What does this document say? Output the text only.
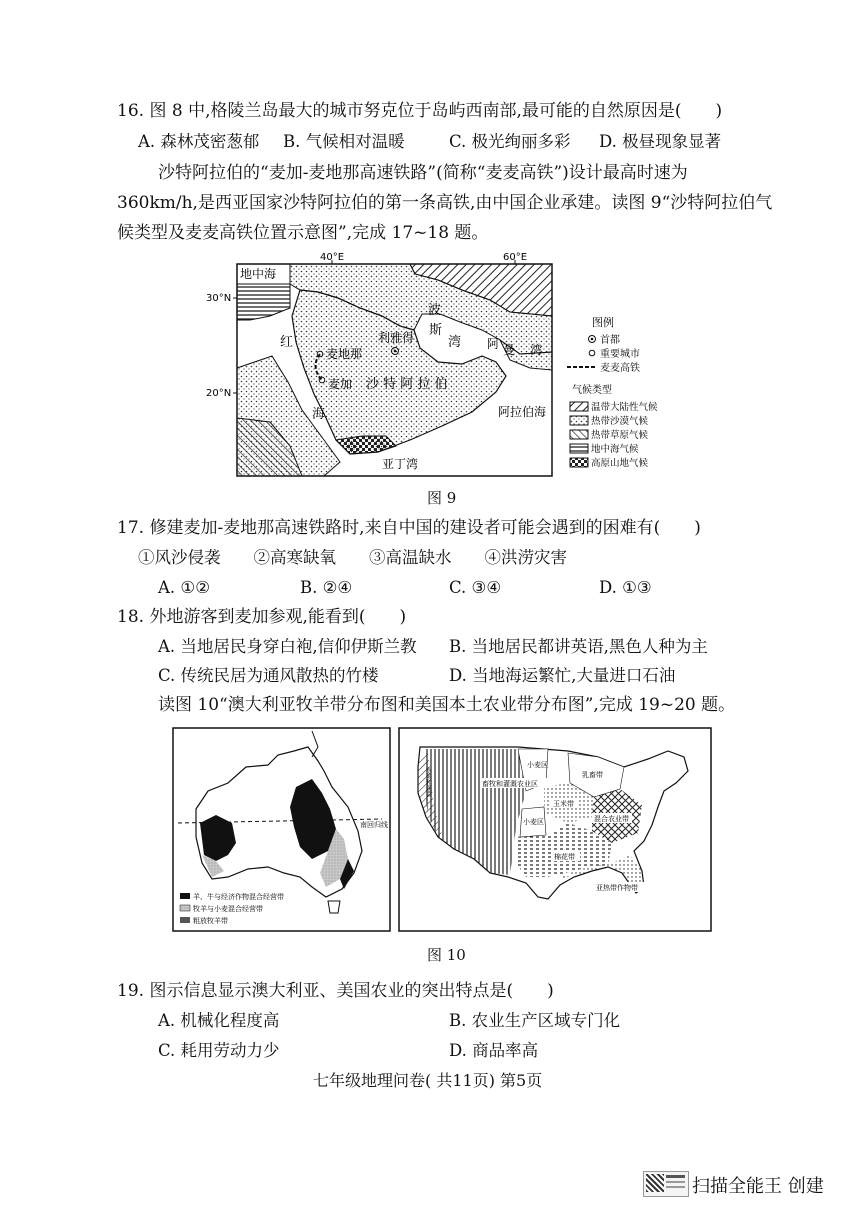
16. 图 8 中,格陵兰岛最大的城市努克位于岛屿西南部,最可能的自然原因是(　　)
A. 森林茂密葱郁 B. 气候相对温暖	C. 极光绚丽多彩 D. 极昼现象显著
沙特阿拉伯的“麦加-麦地那高速铁路”(简称“麦麦高铁”)设计最高时速为
360km/h,是西亚国家沙特阿拉伯的第一条高铁,由中国企业承建。读图 9“沙特阿拉伯气
候类型及麦麦高铁位置示意图”,完成 17~18 题。
40°E	60°E
30°N
20°N
地中海
红
海
波
斯
湾 阿 曼 湾
利雅得
麦地那
麦加 沙 特 阿 拉 伯
阿拉伯海
亚丁湾
图例
首都
重要城市
麦麦高铁
气候类型
温带大陆性气候
热带沙漠气候
热带草原气候
地中海气候
高原山地气候
图 9
17. 修建麦加-麦地那高速铁路时,来自中国的建设者可能会遇到的困难有(　　)
①风沙侵袭　　②高寒缺氧　　③高温缺水　　④洪涝灾害
A. ①②	B. ②④	C. ③④	D. ①③
18. 外地游客到麦加参观,能看到(　　)
A. 当地居民身穿白袍,信仰伊斯兰教 B. 当地居民都讲英语,黑色人种为主
C. 传统民居为通风散热的竹楼	D. 当地海运繁忙,大量进口石油
读图 10“澳大利亚牧羊带分布图和美国本土农业带分布图”,完成 19~20 题。
南回归线
羊、牛与经济作物混合经营带
牧羊与小麦混合经营带
粗放牧羊带
畜牧和灌溉农业区
小麦区
小麦区
乳畜带
玉米带
混合农业带
棉花带
亚热带作物带
水果和蔬菜
图 10
19. 图示信息显示澳大利亚、美国农业的突出特点是(　　)
A. 机械化程度高	B. 农业生产区域专门化
C. 耗用劳动力少	D. 商品率高
七年级地理问卷( 共11页) 第5页
扫描全能王 创建
